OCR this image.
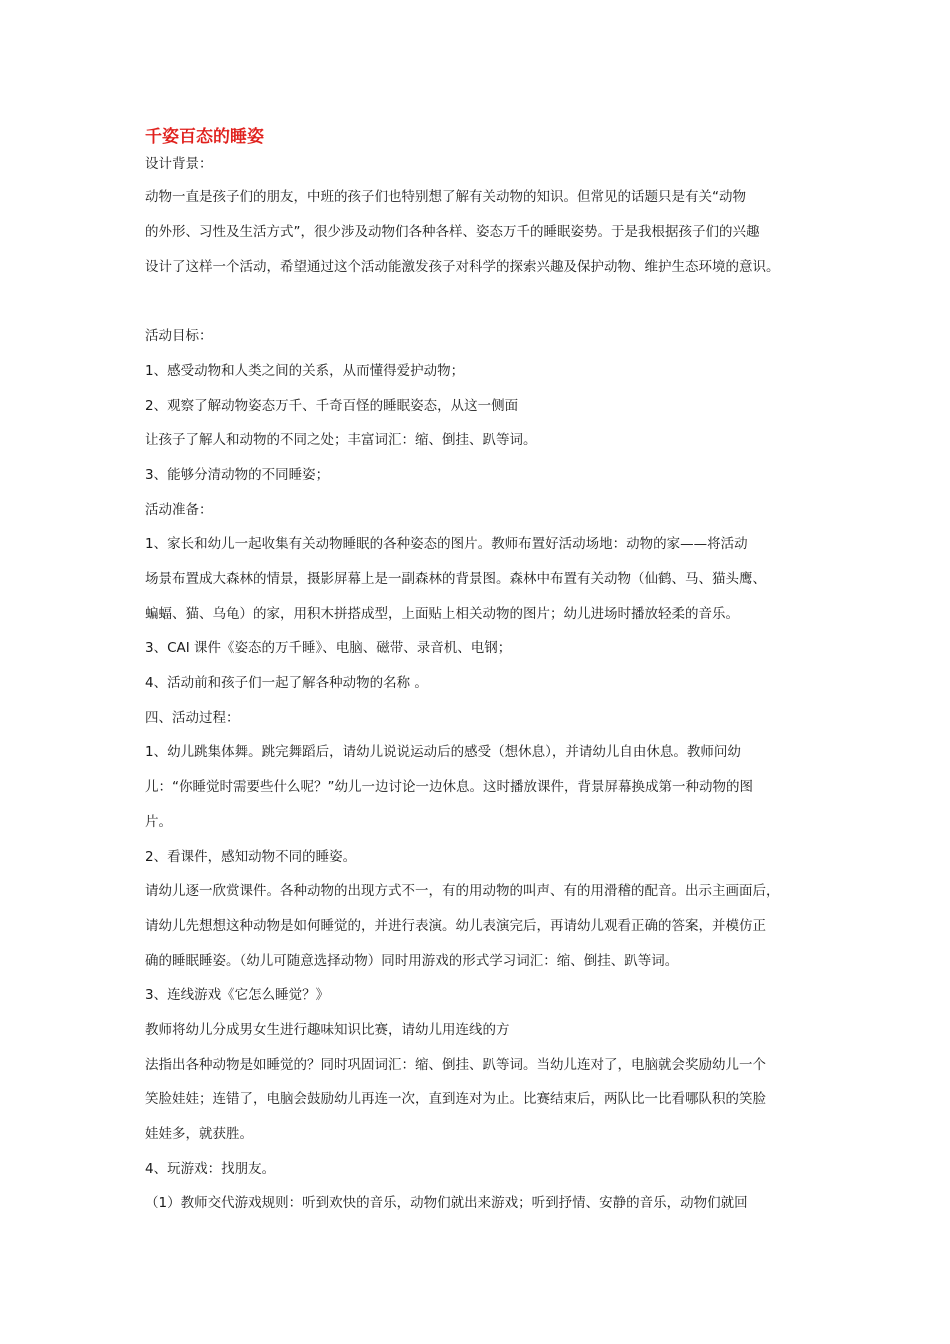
千姿百态的睡姿

设计背景：

动物一直是孩子们的朋友，中班的孩子们也特别想了解有关动物的知识。但常见的话题只是有关“动物

的外形、习性及生活方式”，很少涉及动物们各种各样、姿态万千的睡眠姿势。于是我根据孩子们的兴趣

设计了这样一个活动，希望通过这个活动能激发孩子对科学的探索兴趣及保护动物、维护生态环境的意识。

活动目标：

1、感受动物和人类之间的关系，从而懂得爱护动物；

2、观察了解动物姿态万千、千奇百怪的睡眠姿态，从这一侧面

让孩子了解人和动物的不同之处；丰富词汇：缩、倒挂、趴等词。

3、能够分清动物的不同睡姿；

活动准备：

1、家长和幼儿一起收集有关动物睡眠的各种姿态的图片。教师布置好活动场地：动物的家——将活动

场景布置成大森林的情景，摄影屏幕上是一副森林的背景图。森林中布置有关动物（仙鹤、马、猫头鹰、

蝙蝠、猫、乌龟）的家，用积木拼搭成型，上面贴上相关动物的图片；幼儿进场时播放轻柔的音乐。

3、CAI 课件《姿态的万千睡》、电脑、磁带、录音机、电钢；

4、活动前和孩子们一起了解各种动物的名称 。

四、活动过程：

1、幼儿跳集体舞。跳完舞蹈后，请幼儿说说运动后的感受（想休息），并请幼儿自由休息。教师问幼

儿：“你睡觉时需要些什么呢？”幼儿一边讨论一边休息。这时播放课件，背景屏幕换成第一种动物的图

片。

2、看课件，感知动物不同的睡姿。

请幼儿逐一欣赏课件。各种动物的出现方式不一，有的用动物的叫声、有的用滑稽的配音。出示主画面后，

请幼儿先想想这种动物是如何睡觉的，并进行表演。幼儿表演完后，再请幼儿观看正确的答案，并模仿正

确的睡眠睡姿。（幼儿可随意选择动物）同时用游戏的形式学习词汇：缩、倒挂、趴等词。

3、连线游戏《它怎么睡觉？》

教师将幼儿分成男女生进行趣味知识比赛，请幼儿用连线的方

法指出各种动物是如睡觉的？同时巩固词汇：缩、倒挂、趴等词。当幼儿连对了，电脑就会奖励幼儿一个

笑脸娃娃；连错了，电脑会鼓励幼儿再连一次，直到连对为止。比赛结束后，两队比一比看哪队积的笑脸

娃娃多，就获胜。

4、玩游戏：找朋友。

（1）教师交代游戏规则：听到欢快的音乐，动物们就出来游戏；听到抒情、安静的音乐，动物们就回
